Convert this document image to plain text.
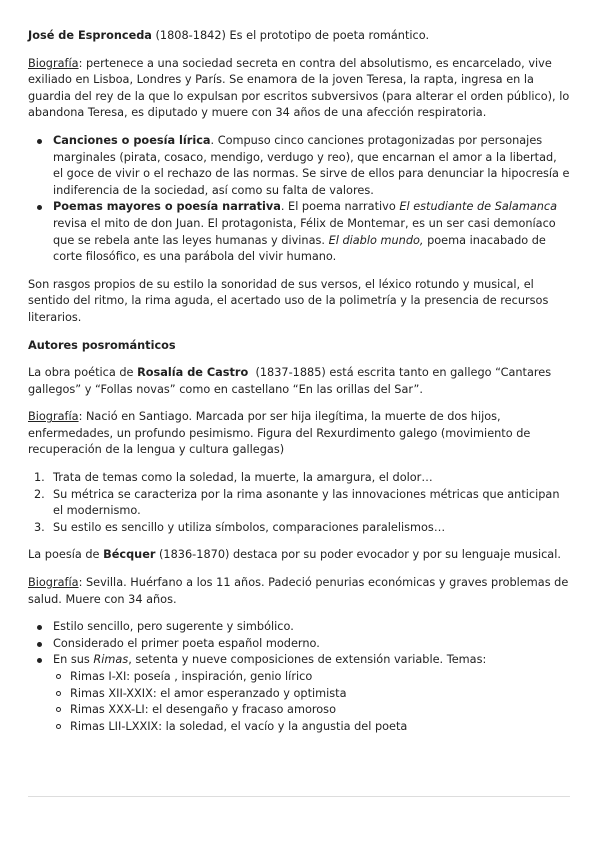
José de Espronceda (1808-1842) Es el prototipo de poeta romántico.

Biografía: pertenece a una sociedad secreta en contra del absolutismo, es encarcelado, vive exiliado en Lisboa, Londres y París. Se enamora de la joven Teresa, la rapta, ingresa en la guardia del rey de la que lo expulsan por escritos subversivos (para alterar el orden público), lo abandona Teresa, es diputado y muere con 34 años de una afección respiratoria.

Canciones o poesía lírica. Compuso cinco canciones protagonizadas por personajes marginales (pirata, cosaco, mendigo, verdugo y reo), que encarnan el amor a la libertad, el goce de vivir o el rechazo de las normas. Se sirve de ellos para denunciar la hipocresía e indiferencia de la sociedad, así como su falta de valores.
Poemas mayores o poesía narrativa. El poema narrativo El estudiante de Salamanca revisa el mito de don Juan. El protagonista, Félix de Montemar, es un ser casi demoníaco que se rebela ante las leyes humanas y divinas. El diablo mundo, poema inacabado de corte filosófico, es una parábola del vivir humano.

Son rasgos propios de su estilo la sonoridad de sus versos, el léxico rotundo y musical, el sentido del ritmo, la rima aguda, el acertado uso de la polimetría y la presencia de recursos literarios.

Autores posrománticos

La obra poética de Rosalía de Castro  (1837-1885) está escrita tanto en gallego “Cantares gallegos” y “Follas novas” como en castellano “En las orillas del Sar”.

Biografía: Nació en Santiago. Marcada por ser hija ilegítima, la muerte de dos hijos, enfermedades, un profundo pesimismo. Figura del Rexurdimento galego (movimiento de recuperación de la lengua y cultura gallegas)

1. Trata de temas como la soledad, la muerte, la amargura, el dolor…
2. Su métrica se caracteriza por la rima asonante y las innovaciones métricas que anticipan el modernismo.
3. Su estilo es sencillo y utiliza símbolos, comparaciones paralelismos…

La poesía de Bécquer (1836-1870) destaca por su poder evocador y por su lenguaje musical.

Biografía: Sevilla. Huérfano a los 11 años. Padeció penurias económicas y graves problemas de salud. Muere con 34 años.

Estilo sencillo, pero sugerente y simbólico.
Considerado el primer poeta español moderno.
En sus Rimas, setenta y nueve composiciones de extensión variable. Temas:
Rimas I-XI: poseía , inspiración, genio lírico
Rimas XII-XXIX: el amor esperanzado y optimista
Rimas XXX-LI: el desengaño y fracaso amoroso
Rimas LII-LXXIX: la soledad, el vacío y la angustia del poeta
